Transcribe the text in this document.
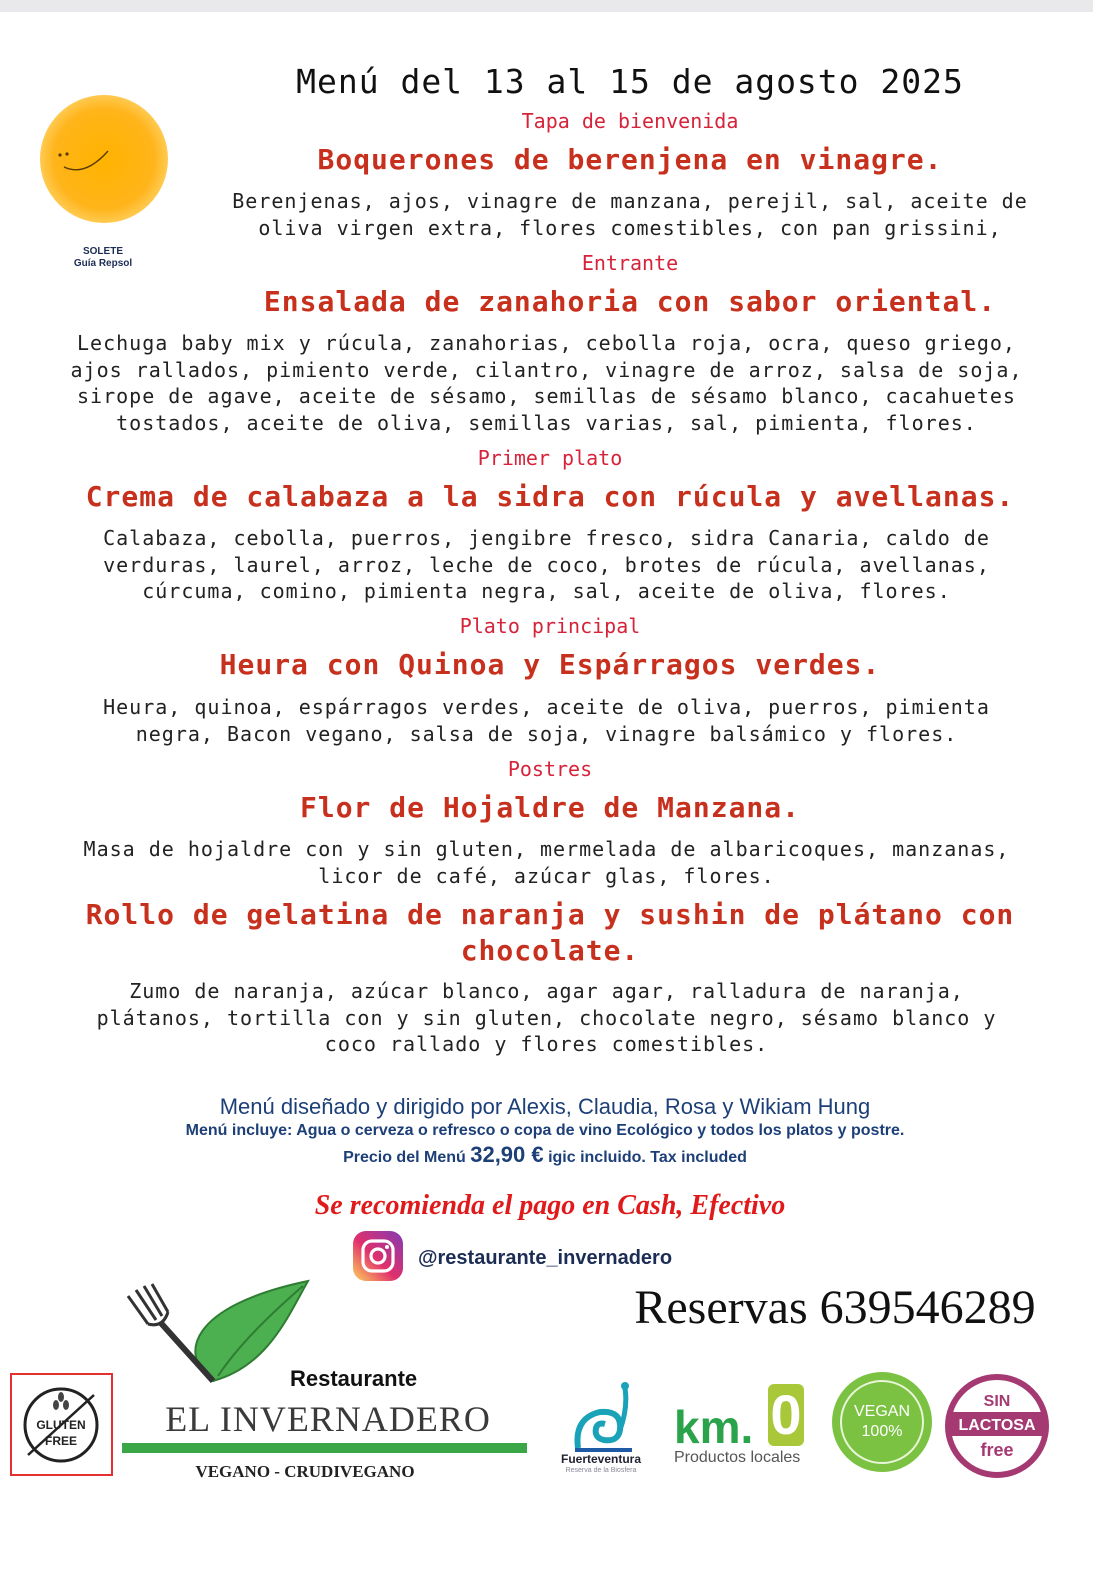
SOLETE
Guía Repsol
Menú del 13 al 15 de agosto 2025
Tapa de bienvenida
Boquerones de berenjena en vinagre.
Berenjenas, ajos, vinagre de manzana, perejil, sal, aceite de
oliva virgen extra, flores comestibles, con pan grissini,
Entrante
Ensalada de zanahoria con sabor oriental.
Lechuga baby mix y rúcula, zanahorias, cebolla roja, ocra, queso griego,
ajos rallados, pimiento verde, cilantro, vinagre de arroz, salsa de soja,
sirope de agave, aceite de sésamo, semillas de sésamo blanco, cacahuetes
tostados, aceite de oliva, semillas varias, sal, pimienta, flores.
Primer plato
Crema de calabaza a la sidra con rúcula y avellanas.
Calabaza, cebolla, puerros, jengibre fresco, sidra Canaria, caldo de
verduras, laurel, arroz, leche de coco, brotes de rúcula, avellanas,
cúrcuma, comino, pimienta negra, sal, aceite de oliva, flores.
Plato principal
Heura con Quinoa y Espárragos verdes.
Heura, quinoa, espárragos verdes, aceite de oliva, puerros, pimienta
negra, Bacon vegano, salsa de soja, vinagre balsámico y flores.
Postres
Flor de Hojaldre de Manzana.
Masa de hojaldre con y sin gluten, mermelada de albaricoques, manzanas,
licor de café, azúcar glas, flores.
Rollo de gelatina de naranja y sushin de plátano con
chocolate.
Zumo de naranja, azúcar blanco, agar agar, ralladura de naranja,
plátanos, tortilla con y sin gluten, chocolate negro, sésamo blanco y
coco rallado y flores comestibles.
Menú diseñado y dirigido por Alexis, Claudia, Rosa y Wikiam Hung
Menú incluye: Agua o cerveza o refresco o copa de vino Ecológico y todos los platos y postre.
Precio del Menú 32,90 € igic incluido. Tax included
Se recomienda el pago en Cash, Efectivo
@restaurante_invernadero
Reservas 639546289
GLUTEN
FREE
Restaurante
EL INVERNADERO
VEGANO - CRUDIVEGANO
Fuerteventura
Reserva de la Biosfera
km. 0
Productos locales
VEGAN
100%
SIN
LACTOSA
free
